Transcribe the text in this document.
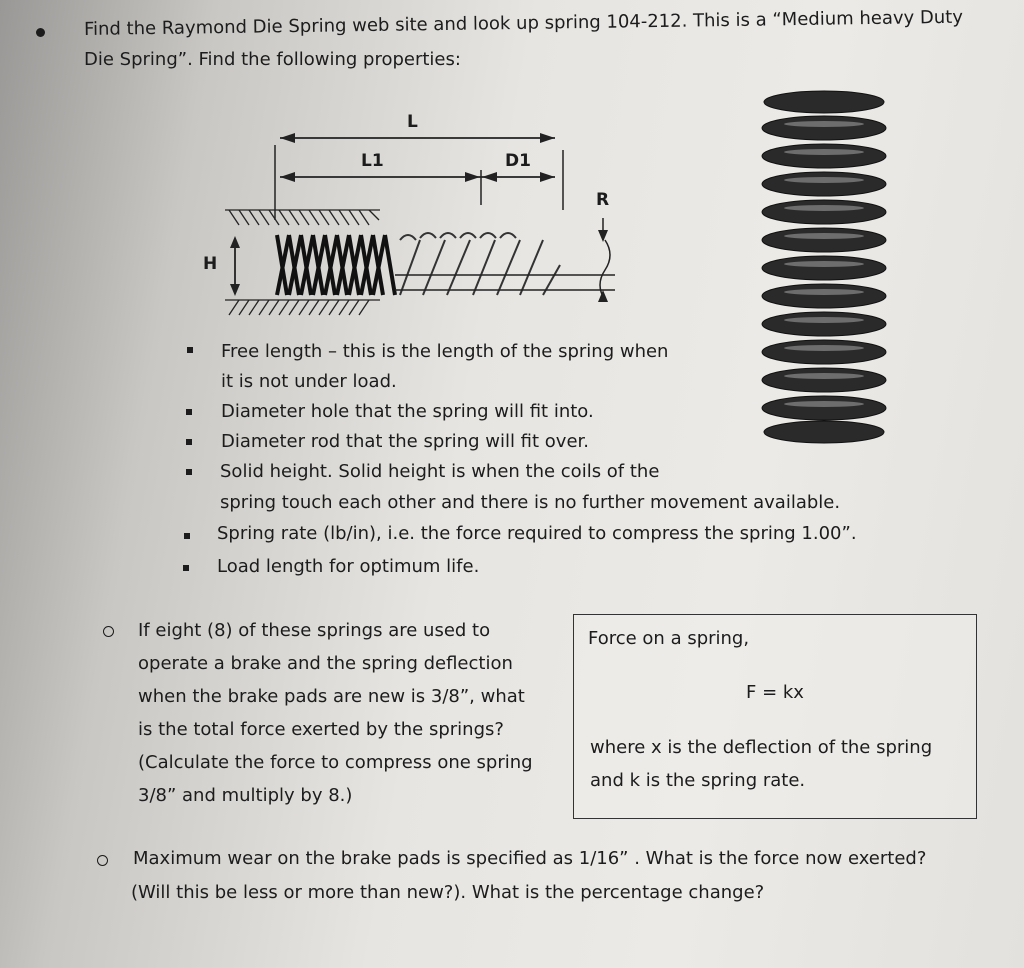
Find the Raymond Die Spring web site and look up spring 104-212. This is a “Medium heavy Duty
Die Spring”. Find the following properties:
L
L1	D1
R
H
Free length – this is the length of the spring when
it is not under load.
Diameter hole that the spring will fit into.
Diameter rod that the spring will fit over.
Solid height. Solid height is when the coils of the
spring touch each other and there is no further movement available.
Spring rate (lb/in), i.e. the force required to compress the spring 1.00”.
Load length for optimum life.
If eight (8) of these springs are used to
operate a brake and the spring deflection
when the brake pads are new is 3/8”, what
is the total force exerted by the springs?
(Calculate the force to compress one spring
3/8” and multiply by 8.)
Force on a spring,
F = kx
where x is the deflection of the spring
and k is the spring rate.
Maximum wear on the brake pads is specified as 1/16” . What is the force now exerted?
(Will this be less or more than new?). What is the percentage change?
